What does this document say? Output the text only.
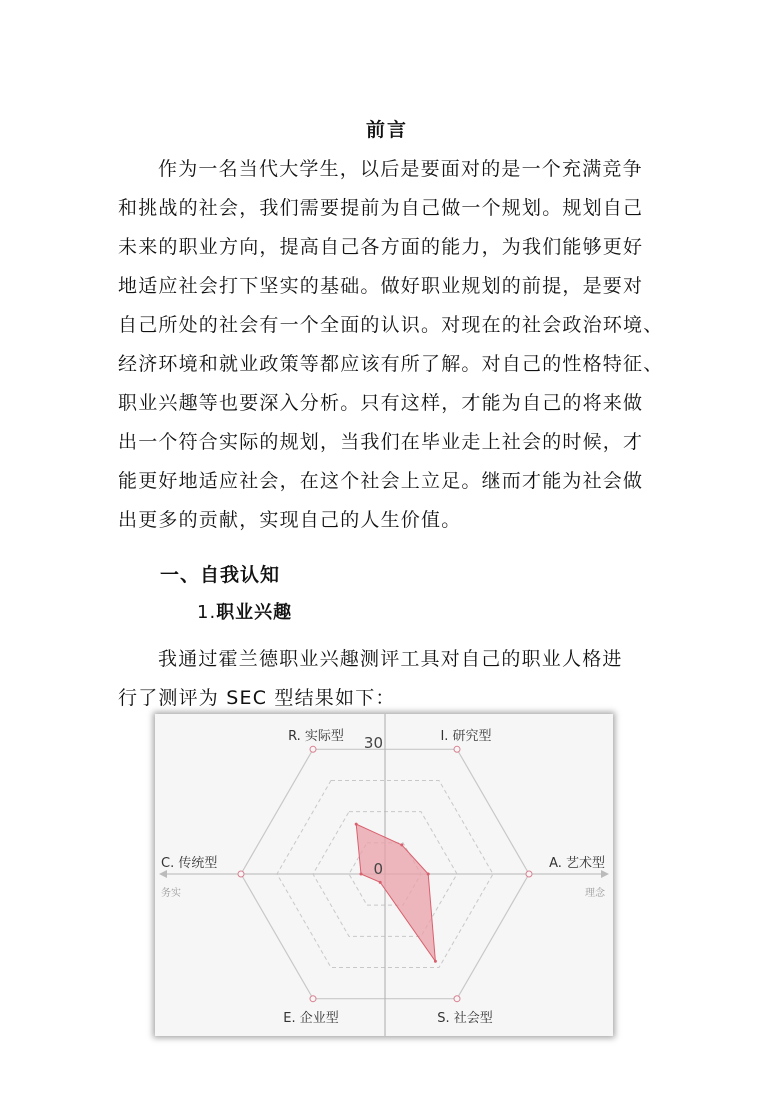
前言
作为一名当代大学生，以后是要面对的是一个充满竞争
和挑战的社会，我们需要提前为自己做一个规划。规划自己
未来的职业方向，提高自己各方面的能力，为我们能够更好
地适应社会打下坚实的基础。做好职业规划的前提，是要对
自己所处的社会有一个全面的认识。对现在的社会政治环境、
经济环境和就业政策等都应该有所了解。对自己的性格特征、
职业兴趣等也要深入分析。只有这样，才能为自己的将来做
出一个符合实际的规划，当我们在毕业走上社会的时候，才
能更好地适应社会，在这个社会上立足。继而才能为社会做
出更多的贡献，实现自己的人生价值。
一、自我认知
1.职业兴趣
我通过霍兰德职业兴趣测评工具对自己的职业人格进
行了测评为 SEC 型结果如下：
R. 实际型	I. 研究型
A. 艺术型
S. 社会型
E. 企业型
C. 传统型
30
0
务实	理念
